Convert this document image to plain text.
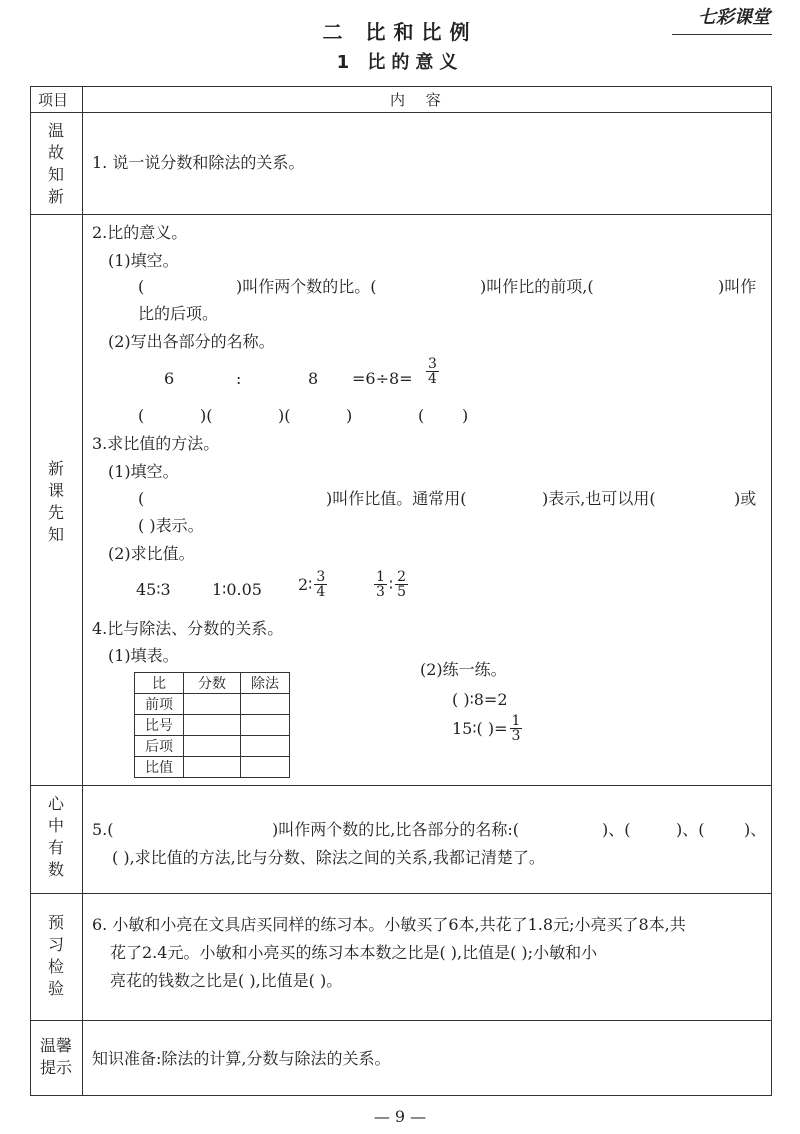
二 比和比例
1 比的意义
七彩课堂
项目	内 容
温故知新
1. 说一说分数和除法的关系。
新课先知
2.比的意义。
(1)填空。
(	)叫作两个数的比。(	)叫作比的前项,(	)叫作
比的后项。
(2)写出各部分的名称。
6	:	$8 =6\div 8= \frac{3}{4}$
(	)(	)(	)	( )
3.求比值的方法。
(1)填空。
(	)叫作比值。通常用(	)表示,也可以用(	)或
( )表示。
(2)求比值。
45∶3	1∶0.05 2∶ $\frac{3}{4}$	$\frac{1}{3}$ ∶ $\frac{2}{5}$
4.比与除法、分数的关系。
(1)填表。
比	分数	除法
前项		
比号		
后项		
比值		
(2)练一练。
( )∶8=2
15∶( )= $\frac{1}{3}$
心中有数
5.(	)叫作两个数的比,比各部分的名称:(	)、(	)、( )、
( ),求比值的方法,比与分数、除法之间的关系,我都记清楚了。
预习检验
6. 小敏和小亮在文具店买同样的练习本。小敏买了6本,共花了1.8元;小亮买了8本,共
花了2.4元。小敏和小亮买的练习本本数之比是( ),比值是( );小敏和小
亮花的钱数之比是( ),比值是( )。
温馨提示	知识准备:除法的计算,分数与除法的关系。
— 9 —
